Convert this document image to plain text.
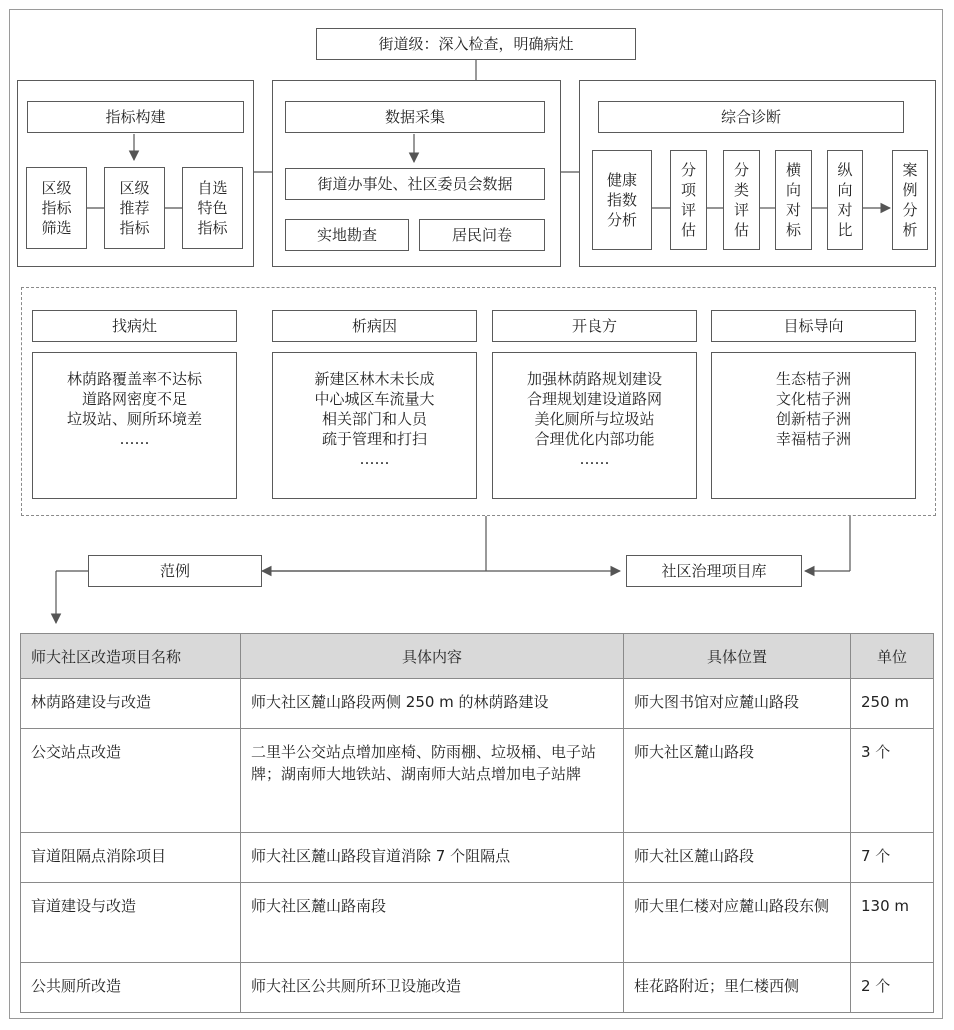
街道级：深入检查，明确病灶
指标构建
区级
指标
筛选
区级
推荐
指标
自选
特色
指标
数据采集
街道办事处、社区委员会数据
实地勘查	居民问卷
综合诊断
健康
指数
分析
分
项
评
估
分
类
评
估
横
向
对
标
纵
向
对
比
案
例
分
析
找病灶	析病因	开良方	目标导向
林荫路覆盖率不达标
道路网密度不足
垃圾站、厕所环境差
……
新建区林木未长成
中心城区车流量大
相关部门和人员
疏于管理和打扫
……
加强林荫路规划建设
合理规划建设道路网
美化厕所与垃圾站
合理优化内部功能
……
生态桔子洲
文化桔子洲
创新桔子洲
幸福桔子洲
范例	社区治理项目库
师大社区改造项目名称	具体内容	具体位置	单位
林荫路建设与改造	师大社区麓山路段两侧 250 m 的林荫路建设	师大图书馆对应麓山路段	250 m
公交站点改造	二里半公交站点增加座椅、防雨棚、垃圾桶、电子站牌；湖南师大地铁站、湖南师大站点增加电子站牌	师大社区麓山路段	3 个
盲道阻隔点消除项目	师大社区麓山路段盲道消除 7 个阻隔点	师大社区麓山路段	7 个
盲道建设与改造	师大社区麓山路南段	师大里仁楼对应麓山路段东侧	130 m
公共厕所改造	师大社区公共厕所环卫设施改造	桂花路附近；里仁楼西侧	2 个
